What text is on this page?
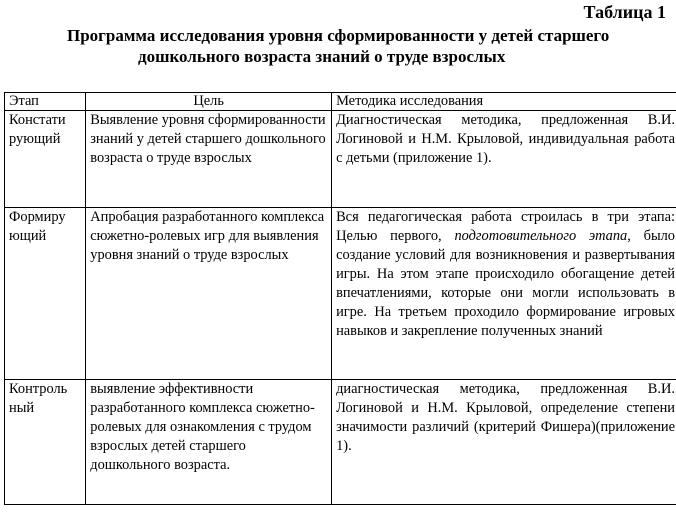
Таблица 1

Программа исследования уровня сформированности у детей старшего
дошкольного возраста знаний о труде взрослых
Этап	Цель	Методика исследования
Констати
рующий	Выявление уровня сформированности знаний у детей старшего дошкольного возраста о труде взрослых	Диагностическая методика, предложенная В.И. Логиновой и Н.М. Крыловой, индивидуальная работа с детьми (приложение 1).
Формиру
ющий	Апробация разработанного комплекса сюжетно-ролевых игр для выявления уровня знаний о труде взрослых	Вся педагогическая работа строилась в три этапа: Целью первого, подготовительного этапа, было создание условий для возникновения и развертывания игры. На этом этапе происходило обогащение детей впечатлениями, которые они могли использовать в игре. На третьем проходило формирование игровых навыков и закрепление полученных знаний
Контроль
ный	выявление эффективности разработанного комплекса сюжетно-ролевых для ознакомления с трудом взрослых детей старшего дошкольного возраста.	диагностическая методика, предложенная В.И. Логиновой и Н.М. Крыловой, определение степени значимости различий (критерий Фишера)(приложение 1).
